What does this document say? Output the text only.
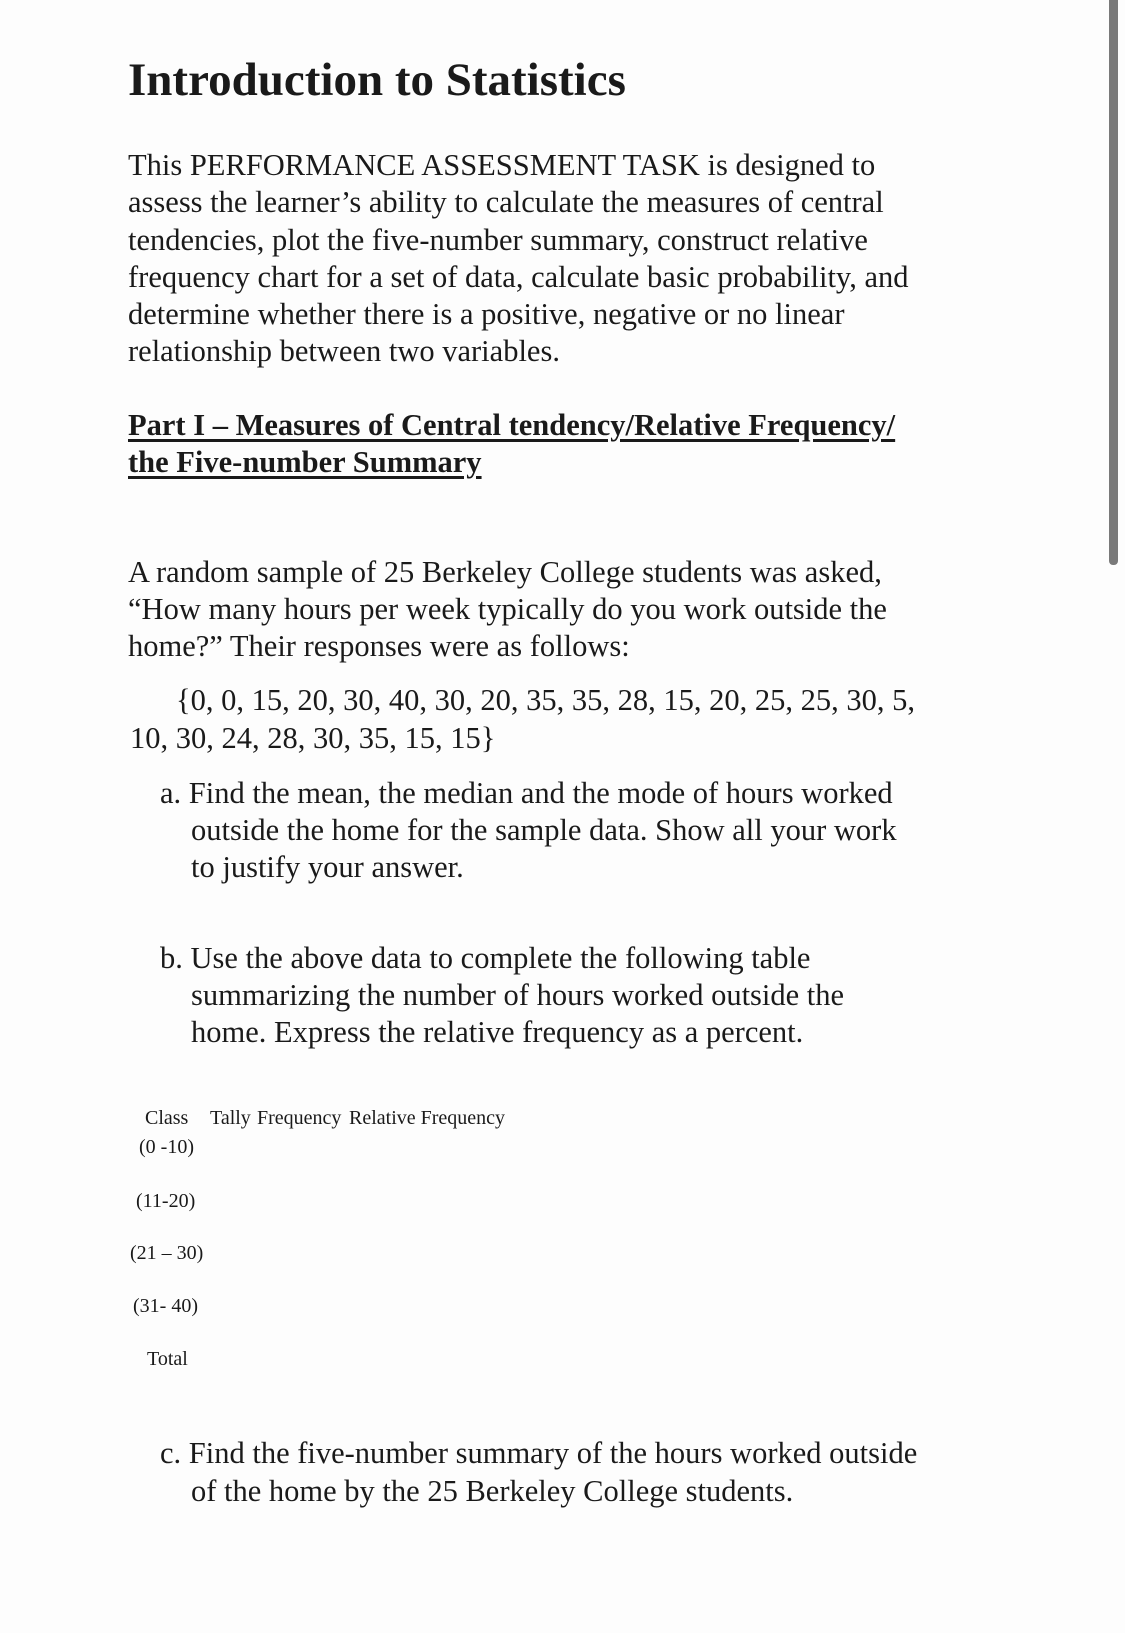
Introduction to Statistics
This PERFORMANCE ASSESSMENT TASK is designed to
assess the learner’s ability to calculate the measures of central
tendencies, plot the five-number summary, construct relative
frequency chart for a set of data, calculate basic probability, and
determine whether there is a positive, negative or no linear
relationship between two variables.
Part I – Measures of Central tendency/Relative Frequency/
the Five-number Summary
A random sample of 25 Berkeley College students was asked,
“How many hours per week typically do you work outside the
home?” Their responses were as follows:
{0, 0, 15, 20, 30, 40, 30, 20, 35, 35, 28, 15, 20, 25, 25, 30, 5,
10, 30, 24, 28, 30, 35, 15, 15}
a. Find the mean, the median and the mode of hours worked
outside the home for the sample data. Show all your work
to justify your answer.
b. Use the above data to complete the following table
summarizing the number of hours worked outside the
home. Express the relative frequency as a percent.
Class Tally Frequency Relative Frequency
(0 -10)
(11-20)
(21 – 30)
(31- 40)
Total
c. Find the five-number summary of the hours worked outside
of the home by the 25 Berkeley College students.
